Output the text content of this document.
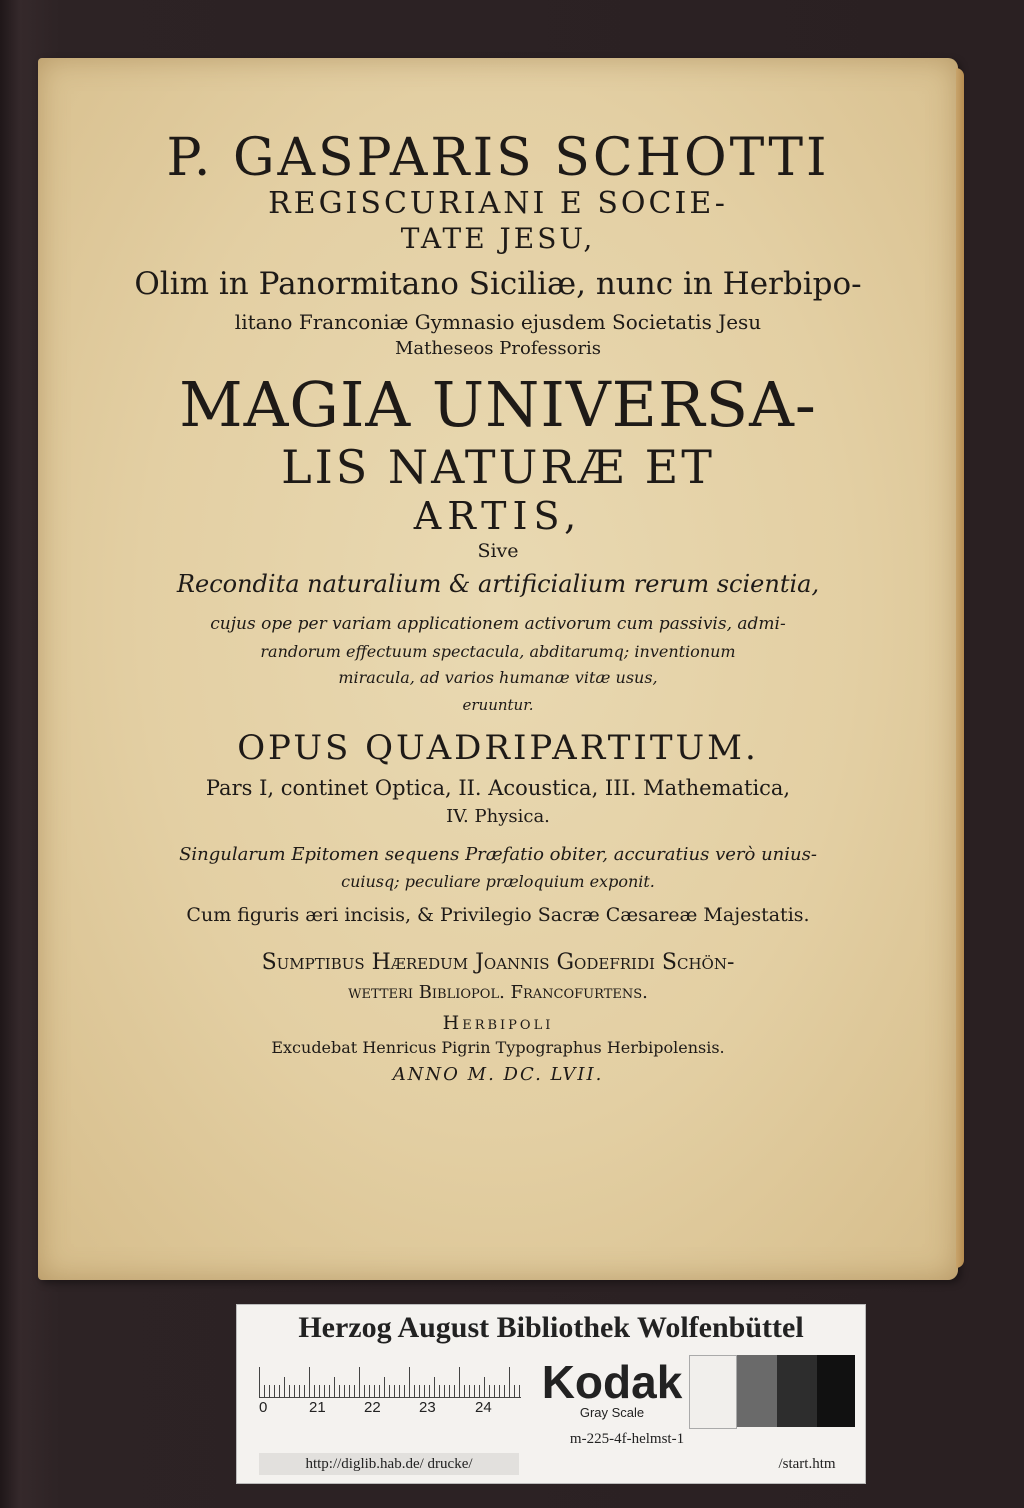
P. GASPARIS SCHOTTI
REGISCURIANI E SOCIE-
TATE JESU,
Olim in Panormitano Siciliæ, nunc in Herbipo-
litano Franconiæ Gymnasio ejusdem Societatis Jesu
Matheseos Professoris
MAGIA UNIVERSA-
LIS NATURÆ ET
ARTIS,
Sive
Recondita naturalium & artificialium rerum scientia,
cujus ope per variam applicationem activorum cum passivis, admi-
randorum effectuum spectacula, abditarumq; inventionum
miracula, ad varios humanæ vitæ usus,
eruuntur.
OPUS QUADRIPARTITUM.
Pars I, continet Optica, II. Acoustica, III. Mathematica,
IV. Physica.
Singularum Epitomen sequens Præfatio obiter, accuratius verò unius-
cuiusq; peculiare præloquium exponit.
Cum figuris æri incisis, & Privilegio Sacræ Cæsareæ Majestatis.
Sumptibus Hæredum Joannis Godefridi Schön-
wetteri Bibliopol. Francofurtens.
Herbipoli
Excudebat Henricus Pigrin Typographus Herbipolensis.
ANNO M. DC. LVII.
Herzog August Bibliothek Wolfenbüttel
0	21	22	23	24 Kodak
Gray Scale
m-225-4f-helmst-1
http://diglib.hab.de/ drucke/	/start.htm
